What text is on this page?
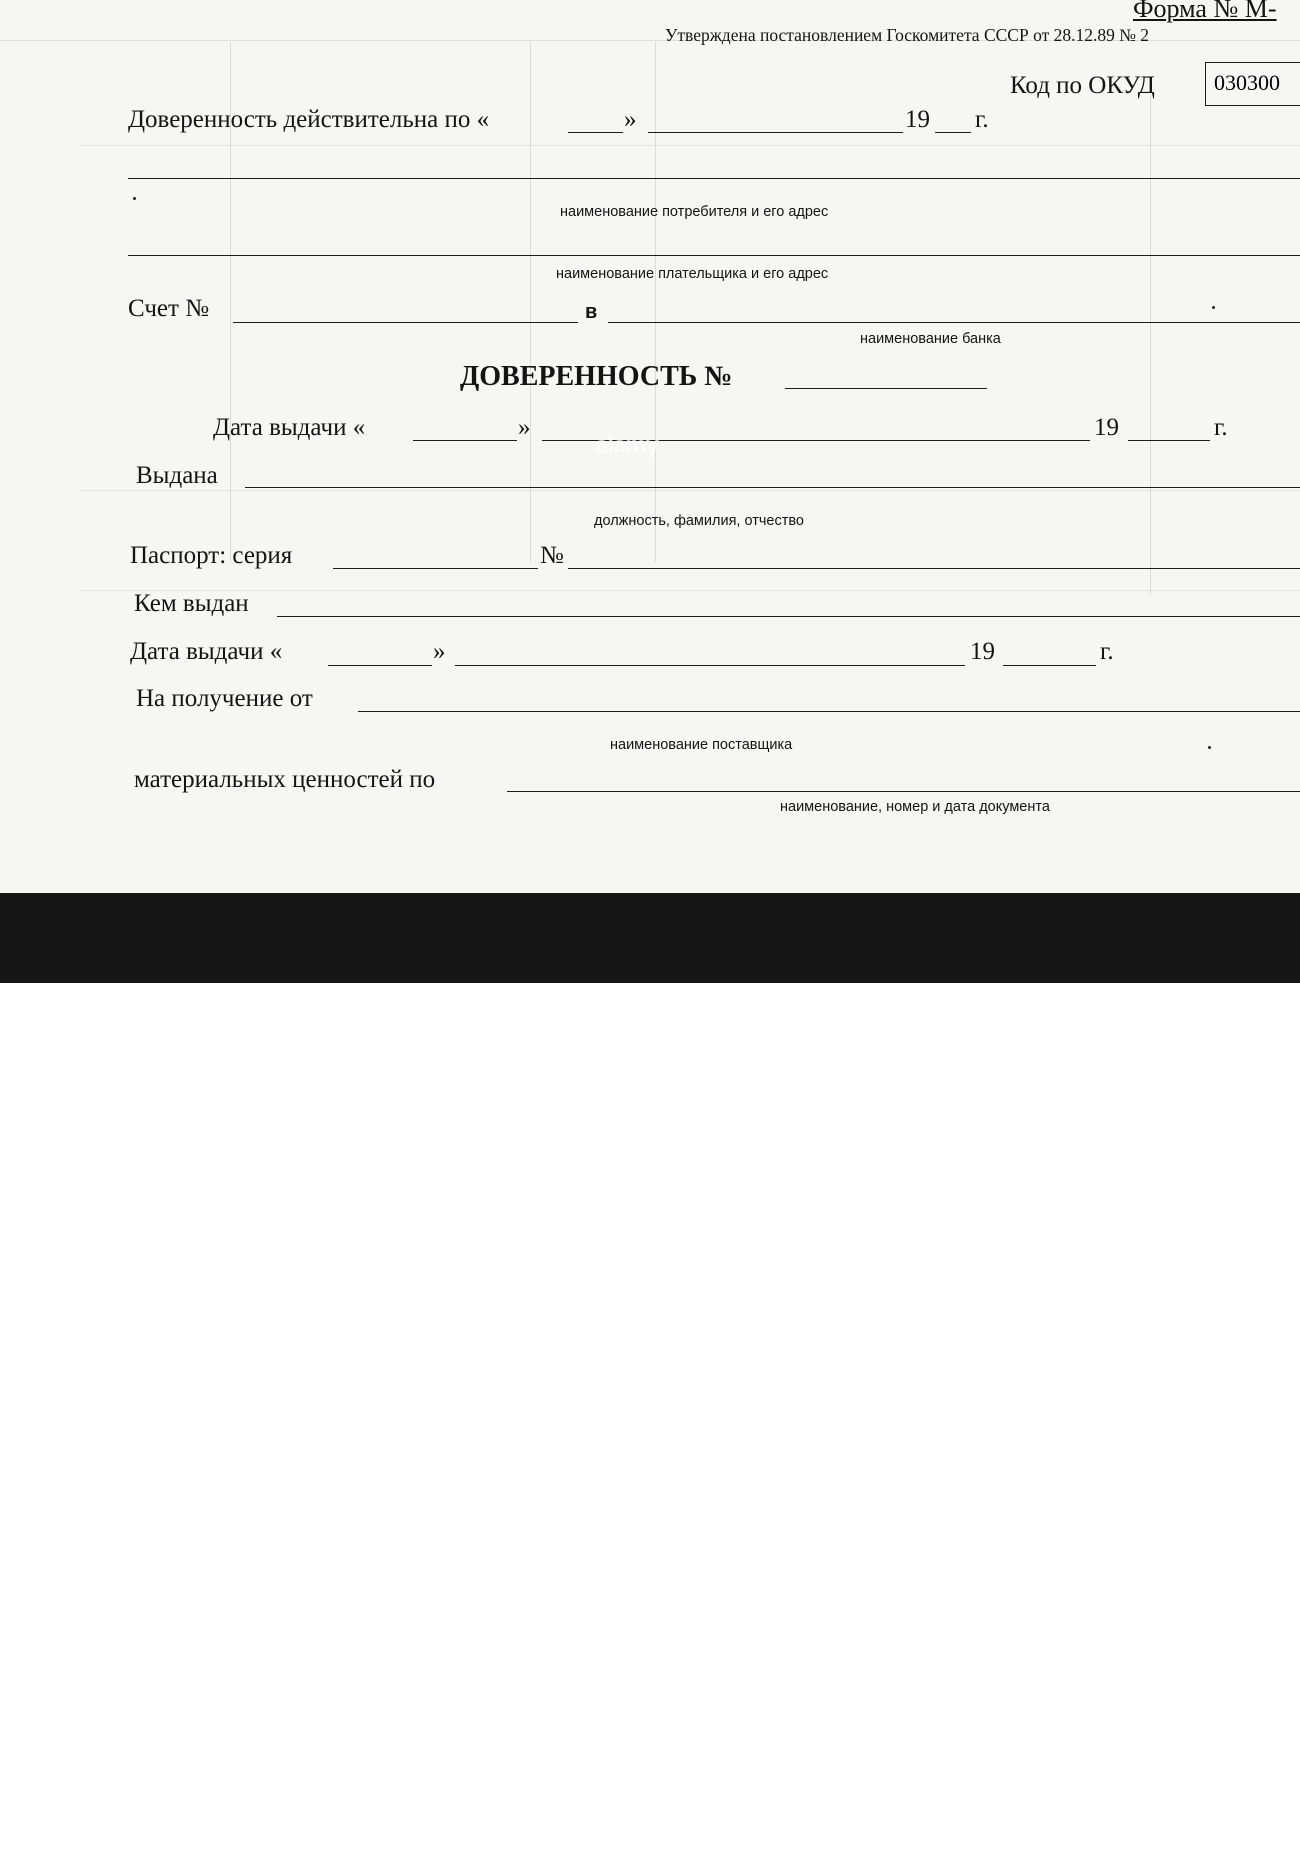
Форма № М-
Утверждена постановлением Госкомитета СССР от 28.12.89 № 2
Код по ОКУД	030300
Доверенность действительна по «	»	19 г.
наименование потребителя и его адрес
наименование плательщика и его адрес
Счет №	в
наименование банка
ДОВЕРЕННОСТЬ №
Дата выдачи «	»	19	г.
Выдана
должность, фамилия, отчество
Паспорт: серия	№
Кем выдан
Дата выдачи «	»	19	г.
На получение от
наименование поставщика
материальных ценностей по
наименование, номер и дата документа
alamy
alamy	2JN9RAD
